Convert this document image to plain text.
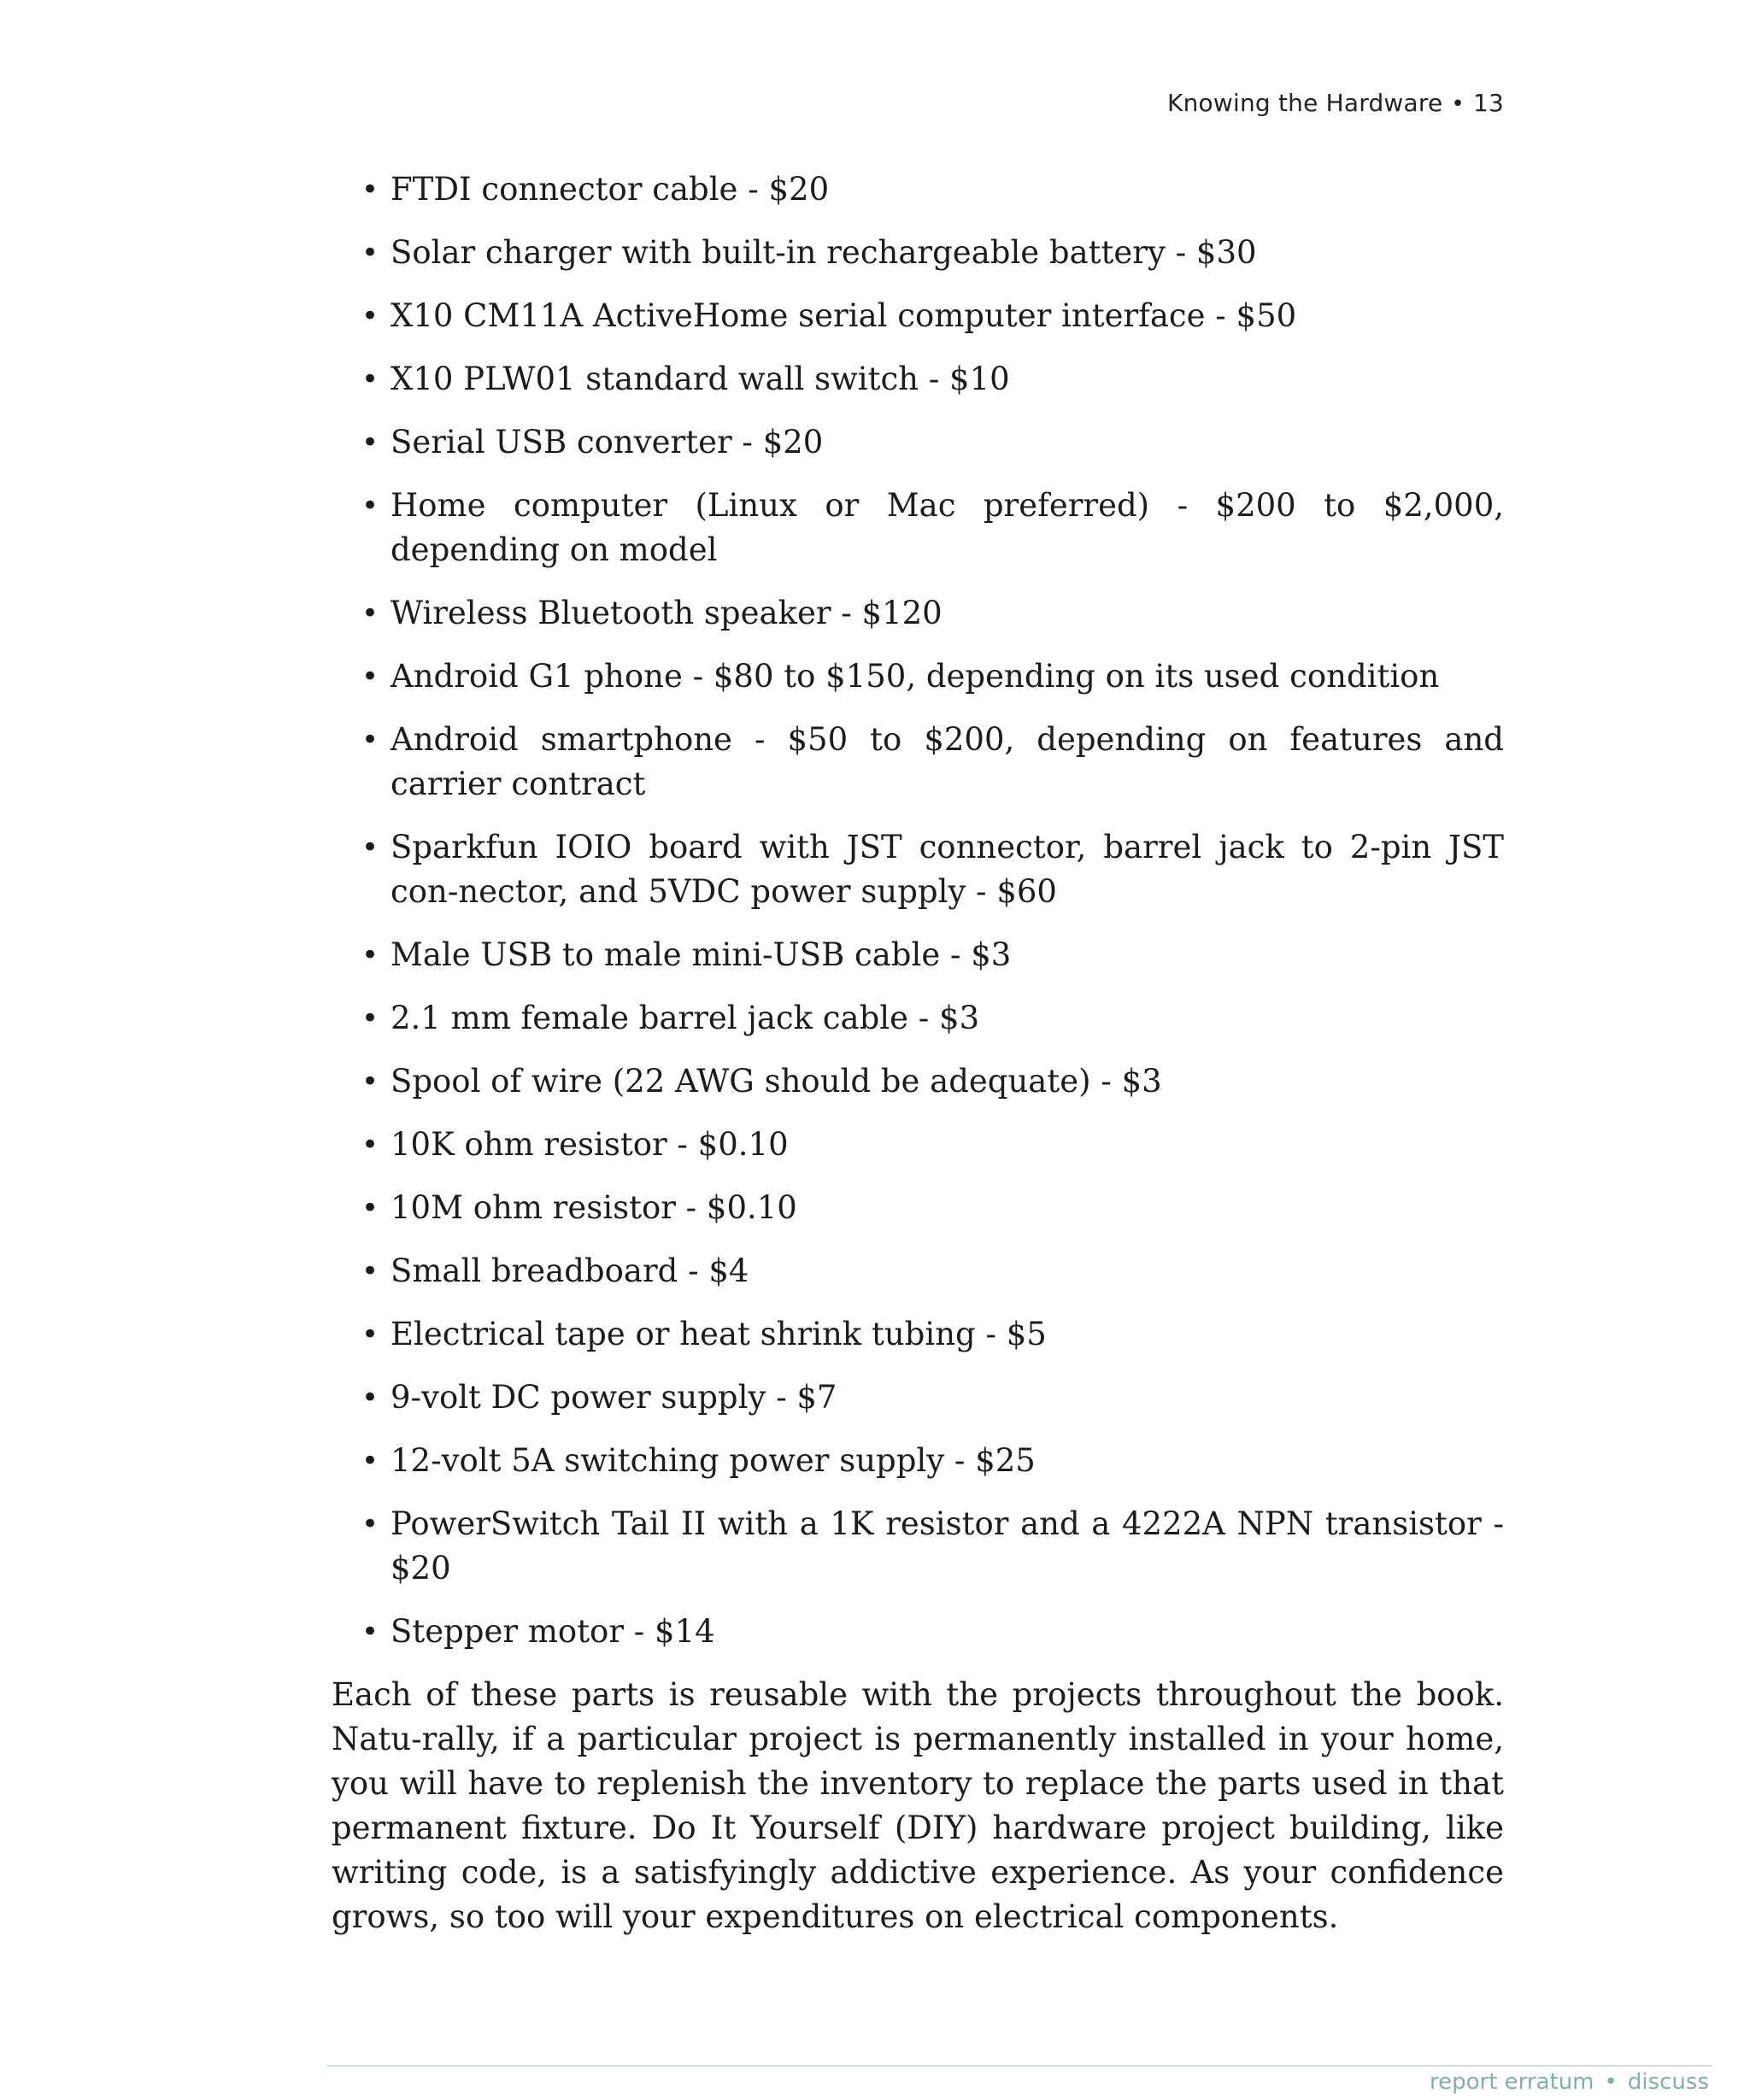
Knowing the Hardware • 13
• FTDI connector cable - $20
• Solar charger with built-in rechargeable battery - $30
• X10 CM11A ActiveHome serial computer interface - $50
• X10 PLW01 standard wall switch - $10
• Serial USB converter - $20
• Home computer (Linux or Mac preferred) - $200 to $2,000, depending on model
• Wireless Bluetooth speaker - $120
• Android G1 phone - $80 to $150, depending on its used condition
• Android smartphone - $50 to $200, depending on features and carrier contract
• Sparkfun IOIO board with JST connector, barrel jack to 2-pin JST con-nector, and 5VDC power supply - $60
• Male USB to male mini-USB cable - $3
• 2.1 mm female barrel jack cable - $3
• Spool of wire (22 AWG should be adequate) - $3
• 10K ohm resistor - $0.10
• 10M ohm resistor - $0.10
• Small breadboard - $4
• Electrical tape or heat shrink tubing - $5
• 9-volt DC power supply - $7
• 12-volt 5A switching power supply - $25
• PowerSwitch Tail II with a 1K resistor and a 4222A NPN transistor - $20
• Stepper motor - $14

Each of these parts is reusable with the projects throughout the book. Natu-rally, if a particular project is permanently installed in your home, you will have to replenish the inventory to replace the parts used in that permanent fixture. Do It Yourself (DIY) hardware project building, like writing code, is a satisfyingly addictive experience. As your confidence grows, so too will your expenditures on electrical components.

report erratum • discuss
